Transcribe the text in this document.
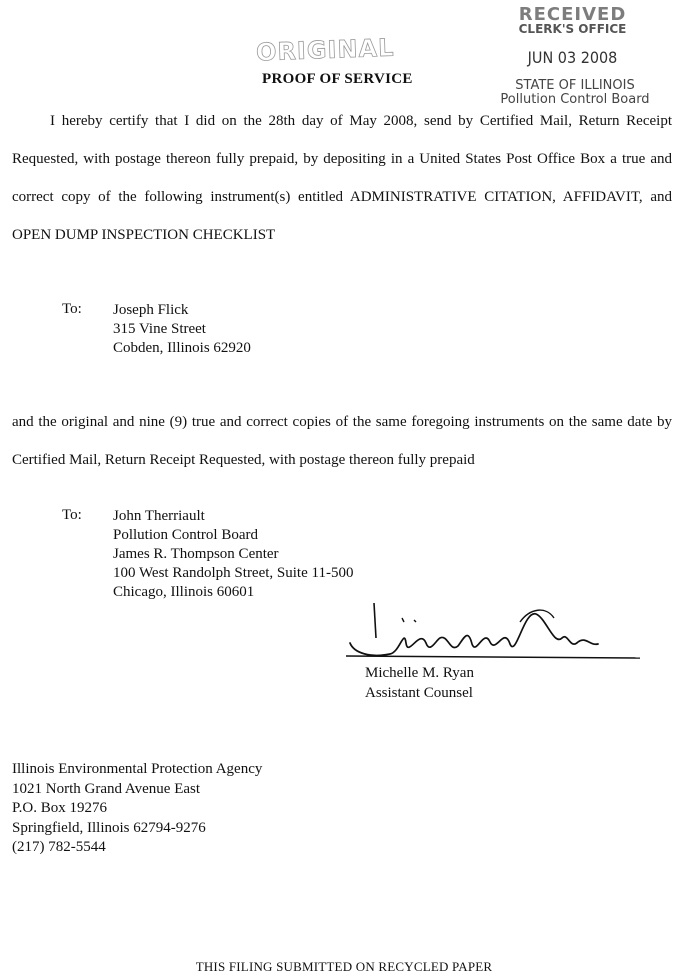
RECEIVED
CLERK'S OFFICE
JUN 03 2008
STATE OF ILLINOIS
Pollution Control Board
ORIGINAL
PROOF OF SERVICE
I hereby certify that I did on the 28th day of May 2008, send by Certified Mail, Return Receipt Requested, with postage thereon fully prepaid, by depositing in a United States Post Office Box a true and correct copy of the following instrument(s) entitled ADMINISTRATIVE CITATION, AFFIDAVIT, and OPEN DUMP INSPECTION CHECKLIST
To: Joseph Flick
315 Vine Street
Cobden, Illinois 62920
and the original and nine (9) true and correct copies of the same foregoing instruments on the same date by Certified Mail, Return Receipt Requested, with postage thereon fully prepaid
To: John Therriault
Pollution Control Board
James R. Thompson Center
100 West Randolph Street, Suite 11-500
Chicago, Illinois 60601
Michelle M. Ryan
Assistant Counsel
Illinois Environmental Protection Agency
1021 North Grand Avenue East
P.O. Box 19276
Springfield, Illinois 62794-9276
(217) 782-5544
THIS FILING SUBMITTED ON RECYCLED PAPER
